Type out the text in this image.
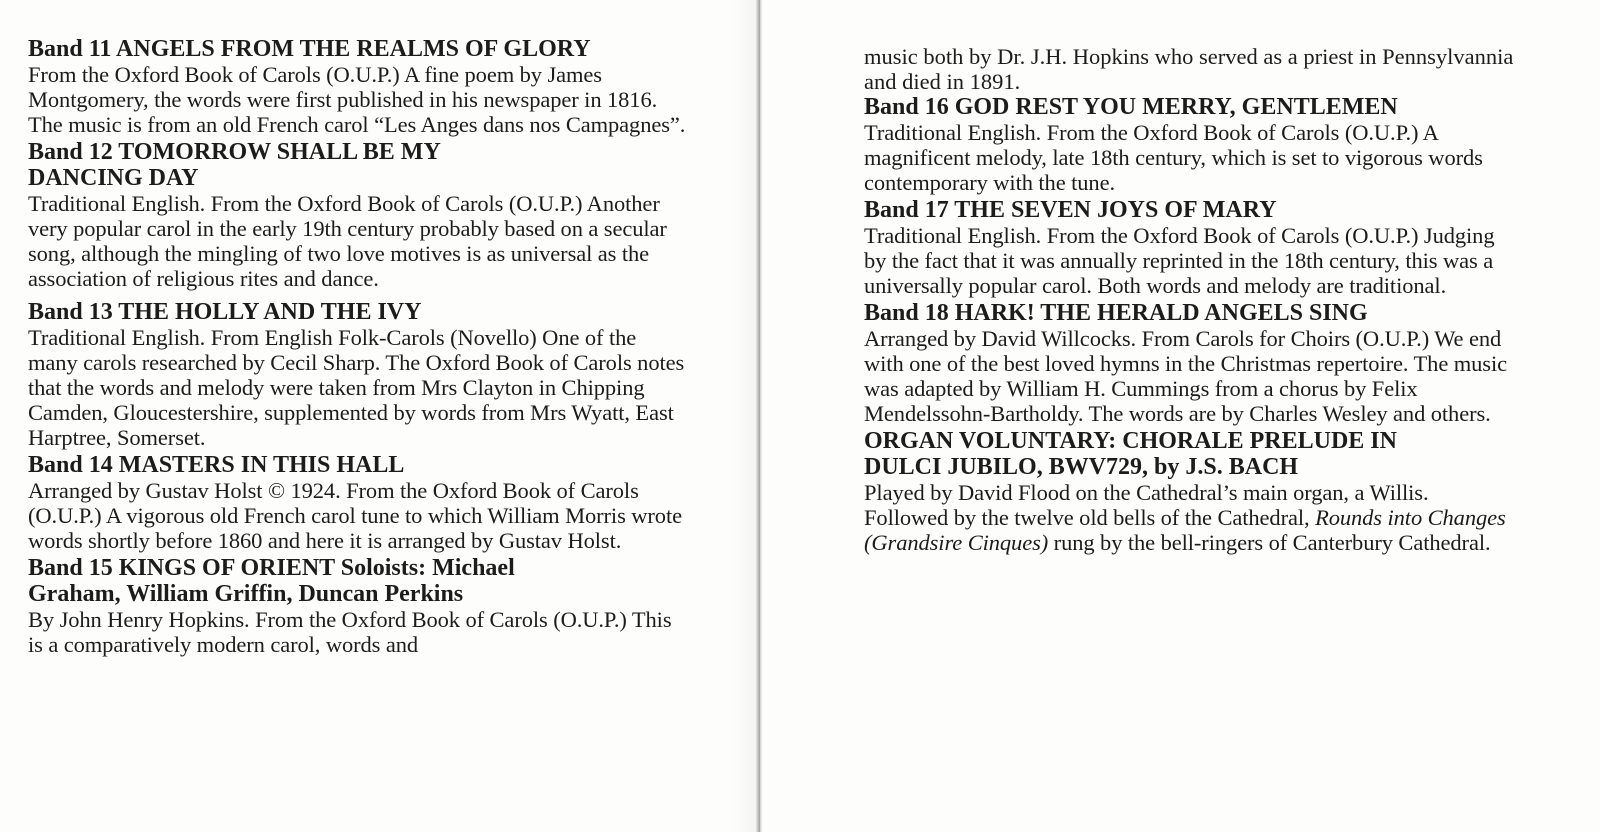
Band 11 ANGELS FROM THE REALMS OF GLORY

From the Oxford Book of Carols (O.U.P.) A fine poem by James Montgomery, the words were first published in his newspaper in 1816. The music is from an old French carol “Les Anges dans nos Campagnes”.

Band 12 TOMORROW SHALL BE MY
DANCING DAY

Traditional English. From the Oxford Book of Carols (O.U.P.) Another very popular carol in the early 19th century probably based on a secular song, although the mingling of two love motives is as universal as the association of religious rites and dance.

Band 13 THE HOLLY AND THE IVY

Traditional English. From English Folk-Carols (Novello) One of the many carols researched by Cecil Sharp. The Oxford Book of Carols notes that the words and melody were taken from Mrs Clayton in Chipping Camden, Gloucestershire, supplemented by words from Mrs Wyatt, East Harptree, Somerset.

Band 14 MASTERS IN THIS HALL

Arranged by Gustav Holst © 1924. From the Oxford Book of Carols (O.U.P.) A vigorous old French carol tune to which William Morris wrote words shortly before 1860 and here it is arranged by Gustav Holst.

Band 15 KINGS OF ORIENT Soloists: Michael
Graham, William Griffin, Duncan Perkins

By John Henry Hopkins. From the Oxford Book of Carols (O.U.P.) This is a comparatively modern carol, words and

music both by Dr. J.H. Hopkins who served as a priest in Pennsylvannia and died in 1891.

Band 16 GOD REST YOU MERRY, GENTLEMEN

Traditional English. From the Oxford Book of Carols (O.U.P.) A magnificent melody, late 18th century, which is set to vigorous words contemporary with the tune.

Band 17 THE SEVEN JOYS OF MARY

Traditional English. From the Oxford Book of Carols (O.U.P.) Judging by the fact that it was annually reprinted in the 18th century, this was a universally popular carol. Both words and melody are traditional.

Band 18 HARK! THE HERALD ANGELS SING

Arranged by David Willcocks. From Carols for Choirs (O.U.P.) We end with one of the best loved hymns in the Christmas repertoire. The music was adapted by William H. Cummings from a chorus by Felix Mendelssohn-Bartholdy. The words are by Charles Wesley and others.

ORGAN VOLUNTARY: CHORALE PRELUDE IN
DULCI JUBILO, BWV729, by J.S. BACH

Played by David Flood on the Cathedral’s main organ, a Willis. Followed by the twelve old bells of the Cathedral, Rounds into Changes (Grandsire Cinques) rung by the bell-ringers of Canterbury Cathedral.
